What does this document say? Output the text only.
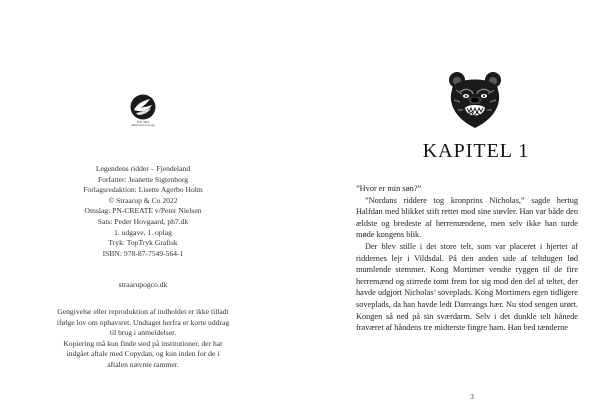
5041 0826
Miljømærket tryksag
Legendens ridder – Fjendeland
Forfatter: Jeanette Sigtenborg
Forlagsredaktion: Lisette Agerbo Holm
© Straarup & Co 2022
Omslag: PN-CREATE v/Peter Nielsen
Sats: Peder Hovgaard, ph7.dk
1. udgave, 1. oplag
Tryk: TopTryk Grafisk
ISBN: 978-87-7549-564-1
straarupogco.dk
Gengivelse eller reproduktion af indholdet er ikke tilladt ifølge lov om ophavsret. Undtaget herfra er korte uddrag til brug i anmeldelser.
Kopiering må kun finde sted på institutioner, der har indgået aftale med Copydan, og kun inden for de i aftalen nævnte rammer.
KAPITEL 1

”Hvor er min søn?”

”Nordans riddere tog kronprins Nicholas,” sagde hertug Halfdan med blikket stift rettet mod sine støvler. Han var både den ældste og bredeste af herremændene, men selv ikke han turde møde kongens blik.

Der blev stille i det store telt, som var placeret i hjertet af riddernes lejr i Vildsdal. På den anden side af teltdugen lød mumlende stemmer. Kong Mortimer vendte ryggen til de fire herremænd og stirrede tomt frem for sig mod den del af teltet, der havde udgjort Nicholas’ soveplads. Kong Mortimers egen tidligere soveplads, da han havde ledt Danvangs hær. Nu stod sengen urørt. Kongen så ned på sin sværdarm. Selv i det dunkle telt hånede fraværet af håndens tre midterste fingre ham. Han bed tænderne

3
